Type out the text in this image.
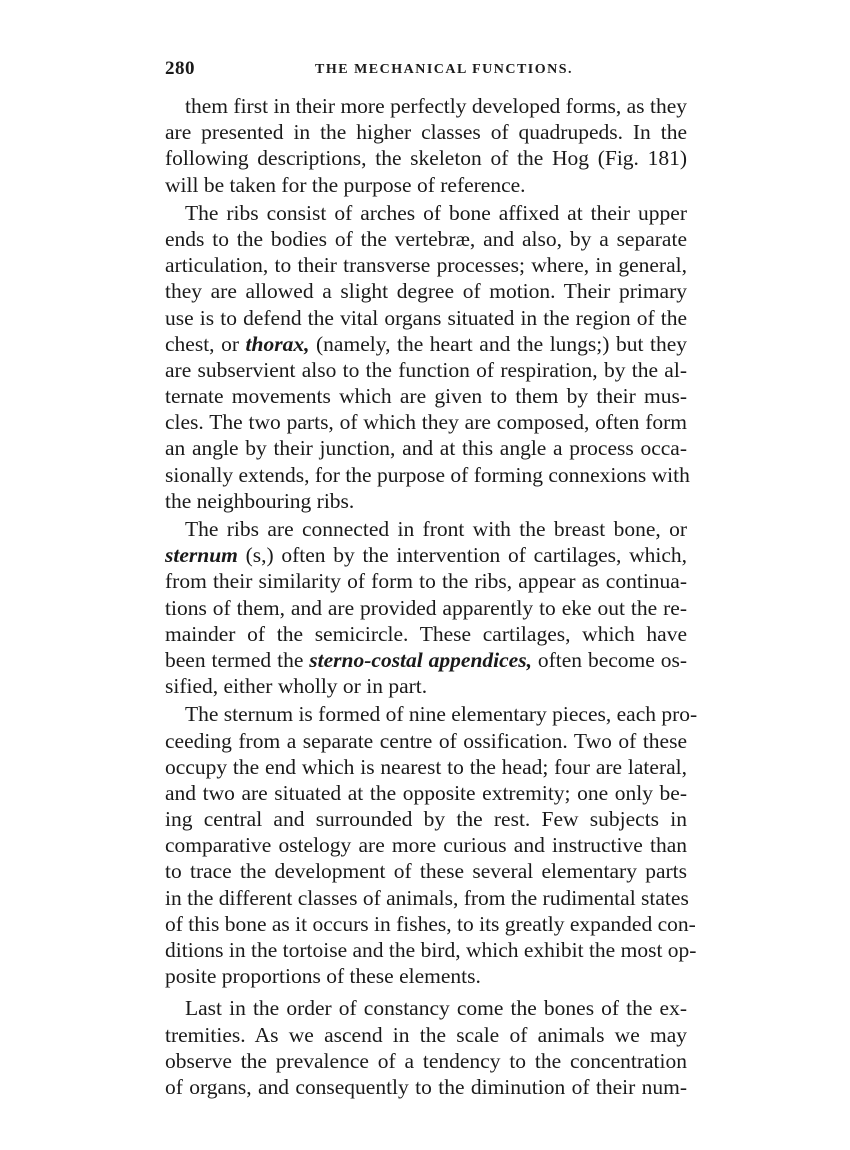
280	THE MECHANICAL FUNCTIONS.
them first in their more perfectly developed forms, as they
are presented in the higher classes of quadrupeds. In the
following descriptions, the skeleton of the Hog (Fig. 181)
will be taken for the purpose of reference.
The ribs consist of arches of bone affixed at their upper
ends to the bodies of the vertebræ, and also, by a separate
articulation, to their transverse processes; where, in general,
they are allowed a slight degree of motion. Their primary
use is to defend the vital organs situated in the region of the
chest, or thorax, (namely, the heart and the lungs;) but they
are subservient also to the function of respiration, by the al-
ternate movements which are given to them by their mus-
cles. The two parts, of which they are composed, often form
an angle by their junction, and at this angle a process occa-
sionally extends, for the purpose of forming connexions with
the neighbouring ribs.
The ribs are connected in front with the breast bone, or
sternum (s,) often by the intervention of cartilages, which,
from their similarity of form to the ribs, appear as continua-
tions of them, and are provided apparently to eke out the re-
mainder of the semicircle. These cartilages, which have
been termed the sterno-costal appendices, often become os-
sified, either wholly or in part.
The sternum is formed of nine elementary pieces, each pro-
ceeding from a separate centre of ossification. Two of these
occupy the end which is nearest to the head; four are lateral,
and two are situated at the opposite extremity; one only be-
ing central and surrounded by the rest. Few subjects in
comparative ostelogy are more curious and instructive than
to trace the development of these several elementary parts
in the different classes of animals, from the rudimental states
of this bone as it occurs in fishes, to its greatly expanded con-
ditions in the tortoise and the bird, which exhibit the most op-
posite proportions of these elements.
Last in the order of constancy come the bones of the ex-
tremities. As we ascend in the scale of animals we may
observe the prevalence of a tendency to the concentration
of organs, and consequently to the diminution of their num-
